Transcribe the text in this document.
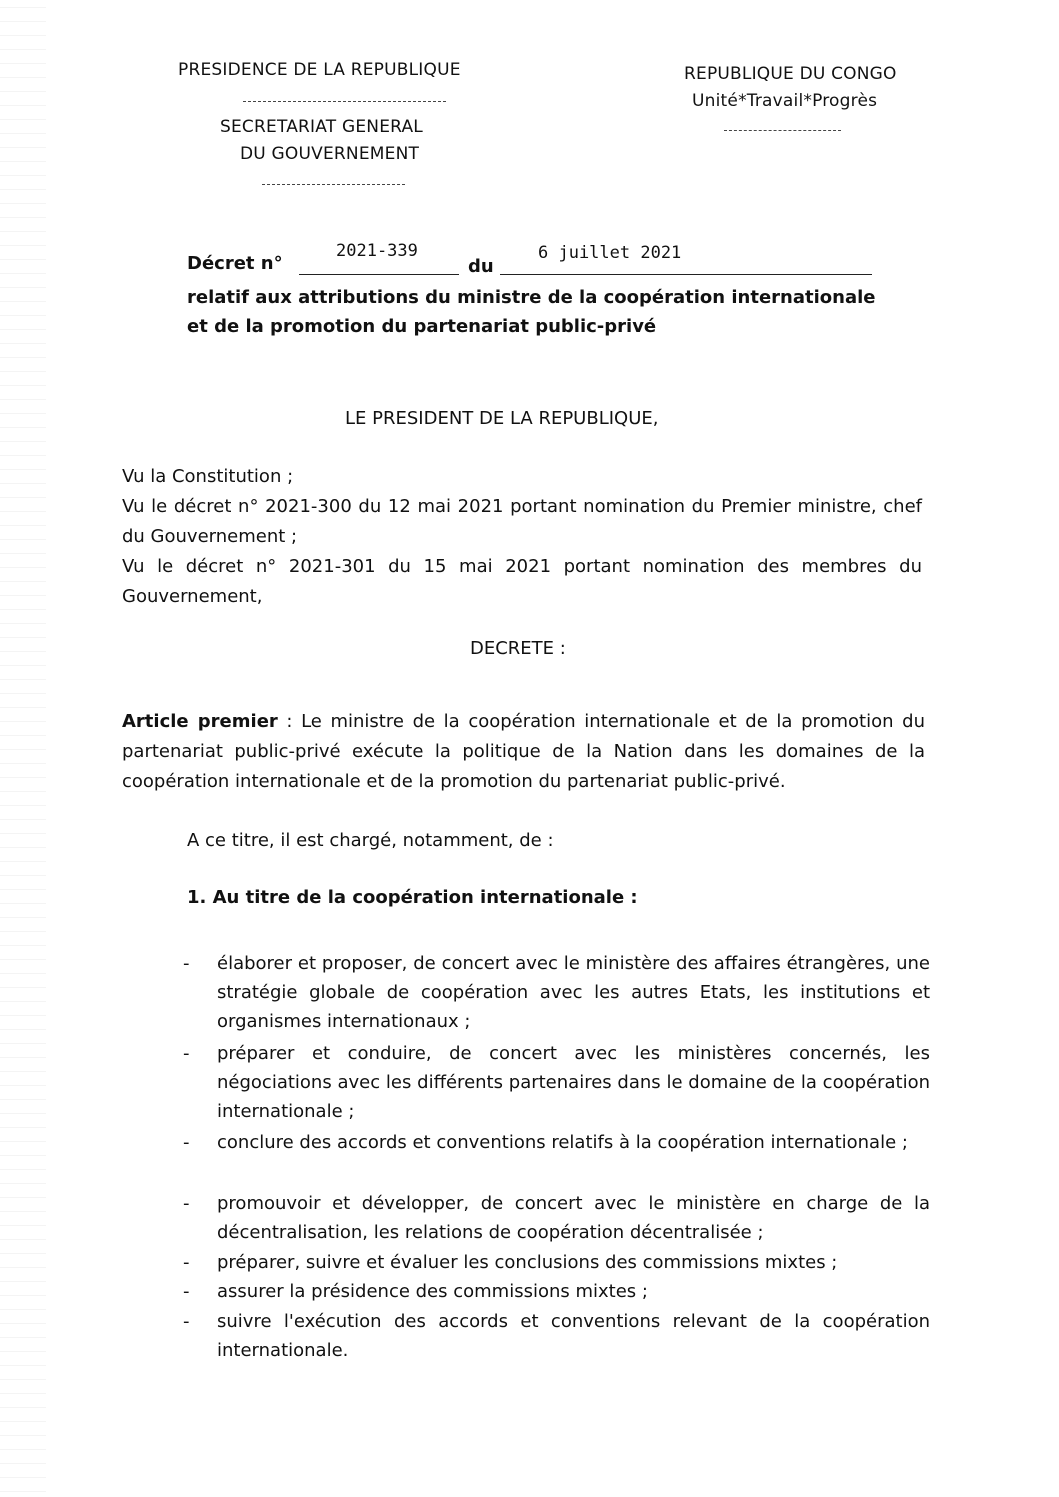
PRESIDENCE DE LA REPUBLIQUE
SECRETARIAT GENERAL
DU GOUVERNEMENT
REPUBLIQUE DU CONGO
Unité*Travail*Progrès
Décret n°
2021-339
du
6 juillet 2021
relatif aux attributions du ministre de la coopération internationale
et de la promotion du partenariat public-privé
LE PRESIDENT DE LA REPUBLIQUE,
Vu la Constitution ;
Vu le décret n° 2021-300 du 12 mai 2021 portant nomination du Premier ministre, chef du Gouvernement ;
Vu le décret n° 2021-301 du 15 mai 2021 portant nomination des membres du Gouvernement,
DECRETE :
Article premier : Le ministre de la coopération internationale et de la promotion du partenariat public-privé exécute la politique de la Nation dans les domaines de la coopération internationale et de la promotion du partenariat public-privé.
A ce titre, il est chargé, notamment, de :
1. Au titre de la coopération internationale :
- élaborer et proposer, de concert avec le ministère des affaires étrangères, une stratégie globale de coopération avec les autres Etats, les institutions et organismes internationaux ;
- préparer et conduire, de concert avec les ministères concernés, les négociations avec les différents partenaires dans le domaine de la coopération internationale ;
- conclure des accords et conventions relatifs à la coopération internationale ;
- promouvoir et développer, de concert avec le ministère en charge de la décentralisation, les relations de coopération décentralisée ;
- préparer, suivre et évaluer les conclusions des commissions mixtes ;
- assurer la présidence des commissions mixtes ;
- suivre l'exécution des accords et conventions relevant de la coopération internationale.
